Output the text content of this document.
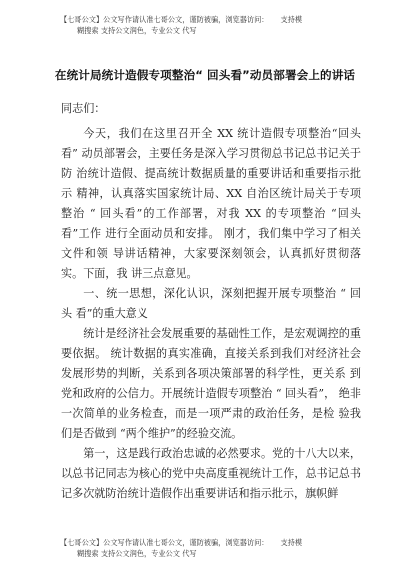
【七哥公文】公文写作请认准七哥公文，谨防被骗，浏览器访问： 支持模
糊搜索 支持公文润色，专业公文 代写
在统计局统计造假专项整治“ 回头看”动员部署会上的讲话

同志们：

今天，我们在这里召开全 XX 统计造假专项整治“回头看” 动员部署会，主要任务是深入学习贯彻总书记总书记关于防 治统计造假、提高统计数据质量的重要讲话和重要指示批示 精神，认真落实国家统计局、XX 自治区统计局关于专项整治 “ 回头看”的工作部署，对我 XX 的专项整治 “回头看”工作 进行全面动员和安排。 刚才，我们集中学习了相关文件和领 导讲话精神，大家要深刻领会，认真抓好贯彻落实。下面，我 讲三点意见。

一、统一思想，深化认识，深刻把握开展专项整治 “ 回头 看”的重大意义

统计是经济社会发展重要的基础性工作，是宏观调控的重要依据。 统计数据的真实准确，直接关系到我们对经济社会发展形势的判断，关系到各项决策部署的科学性，更关系 到党和政府的公信力。开展统计造假专项整治 “ 回头看”， 绝非一次简单的业务检查，而是一项严肃的政治任务，是检 验我们是否做到 “两个维护”的经验交流。

第一，这是践行政治忠诚的必然要求。党的十八大以来，以总书记同志为核心的党中央高度重视统计工作，总书记总书记多次就防治统计造假作出重要讲话和指示批示，旗帜鲜

【七哥公文】公文写作请认准七哥公文，谨防被骗，浏览器访问： 支持模
糊搜索 支持公文润色，专业公文 代写
